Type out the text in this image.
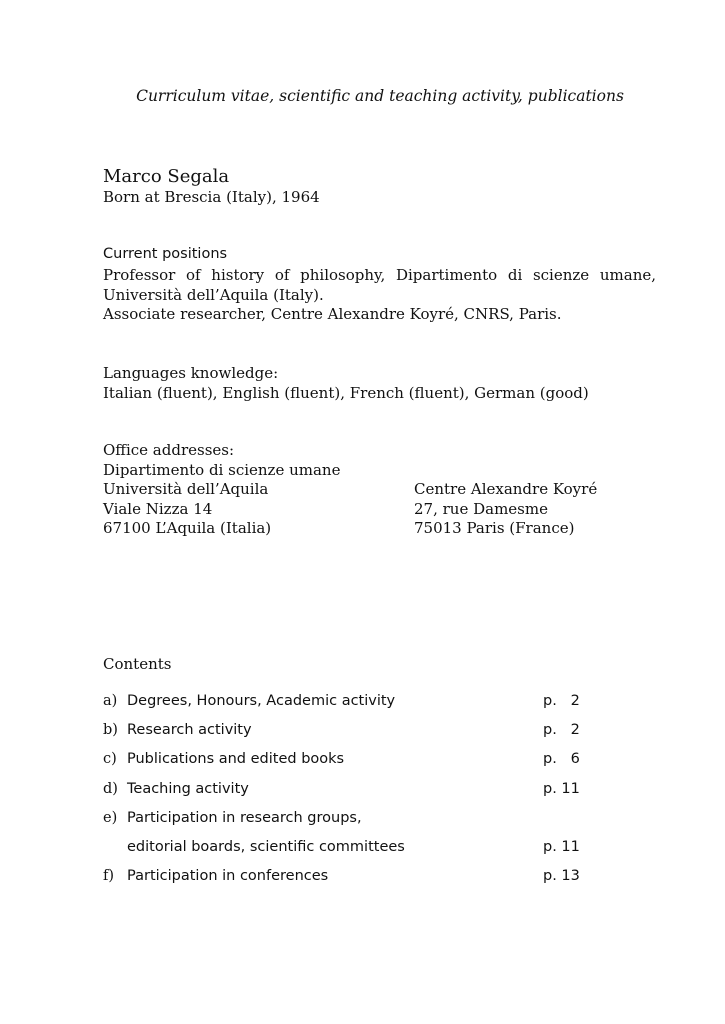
Curriculum vitae, scientific and teaching activity, publications
Marco Segala
Born at Brescia (Italy), 1964
Current positions
Professor of history of philosophy, Dipartimento di scienze umane,
Università dell’Aquila (Italy).
Associate researcher, Centre Alexandre Koyré, CNRS, Paris.
Languages knowledge:
Italian (fluent), English (fluent), French (fluent), German (good)
Office addresses:
Dipartimento di scienze umane
Università dell’Aquila
Viale Nizza 14
67100 L’Aquila (Italia)
Centre Alexandre Koyré
27, rue Damesme
75013 Paris (France)
Contents
a) Degrees, Honours, Academic activity	p.   2
b) Research activity	p.   2
c) Publications and edited books	p.   6
d) Teaching activity	p. 11
e) Participation in research groups,
editorial boards, scientific committees	p. 11
f) Participation in conferences	p. 13
